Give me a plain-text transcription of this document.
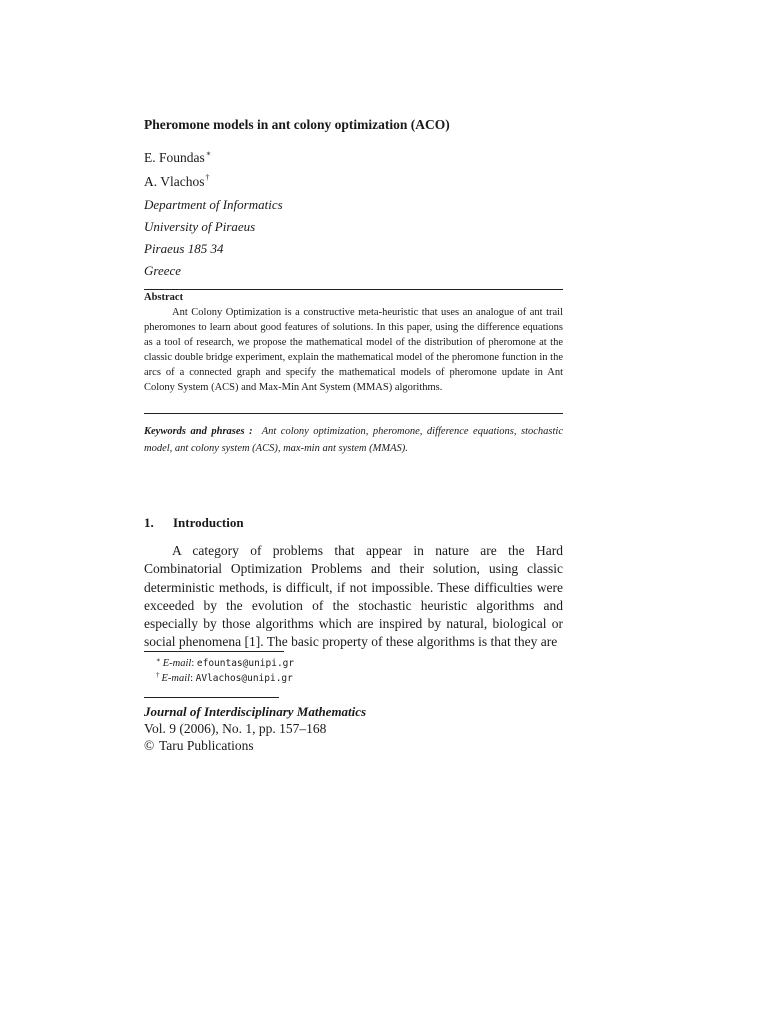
Pheromone models in ant colony optimization (ACO)
E. Foundas∗
A. Vlachos†
Department of Informatics
University of Piraeus
Piraeus 185 34
Greece
Abstract
Ant Colony Optimization is a constructive meta-heuristic that uses an analogue of ant trail pheromones to learn about good features of solutions. In this paper, using the difference equations as a tool of research, we propose the mathematical model of the distribution of pheromone at the classic double bridge experiment, explain the mathematical model of the pheromone function in the arcs of a connected graph and specify the mathematical models of pheromone update in Ant Colony System (ACS) and Max-Min Ant System (MMAS) algorithms.
Keywords and phrases : Ant colony optimization, pheromone, difference equations, stochastic model, ant colony system (ACS), max-min ant system (MMAS).
1. Introduction
A category of problems that appear in nature are the Hard Combinatorial Optimization Problems and their solution, using classic deterministic methods, is difficult, if not impossible. These difficulties were exceeded by the evolution of the stochastic heuristic algorithms and especially by those algorithms which are inspired by natural, biological or social phenomena [1]. The basic property of these algorithms is that they are
∗ E-mail: efountas@unipi.gr
† E-mail: AVlachos@unipi.gr
Journal of Interdisciplinary Mathematics
Vol. 9 (2006), No. 1, pp. 157–168
© Taru Publications
